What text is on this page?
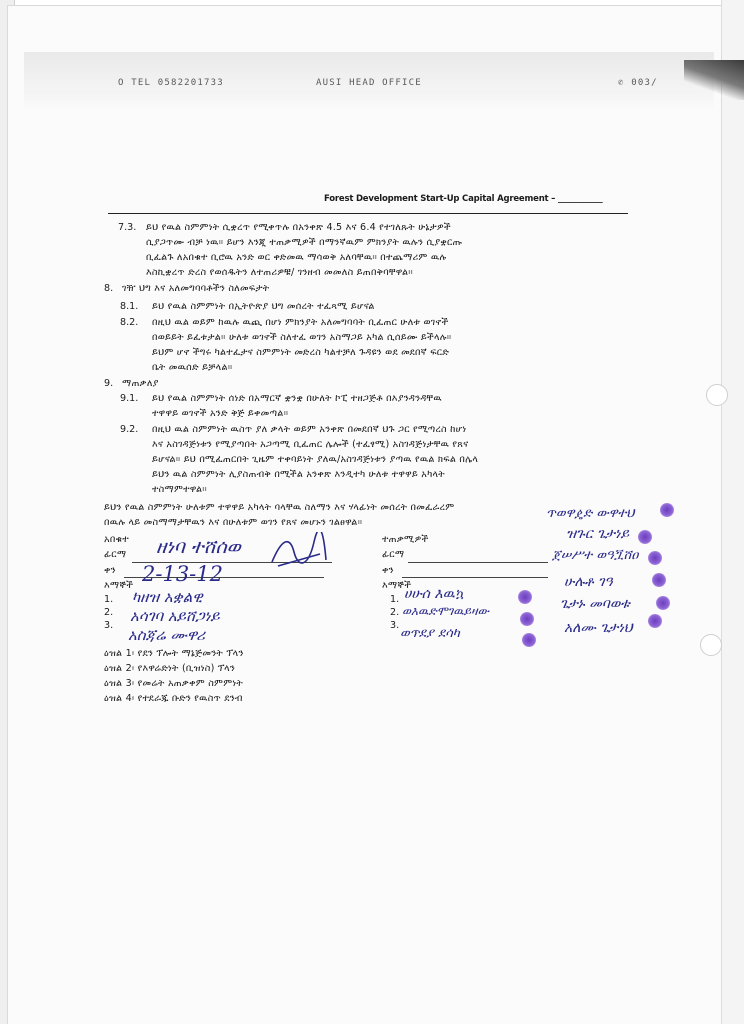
O TEL 0582201733	AUSI HEAD OFFICE	✆ 003/
Forest Development Start-Up Capital Agreement – ___________
7.3. ይህ የዉል ስምምነት ሲቋረጥ የሚቀጥሉ በአንቀጽ 4.5 እና 6.4 የተገለጹት ሁኔታዎች
ሲያጋጥሙ ብቻ ነዉ። ይሆን እንጂ ተጠቃሚዎች በማንኛዉም ምክንያት ዉሉን ሲያቋርጡ
ቢፈልጉ ለአበቁተ ቢሮዉ አንድ ወር ቀድመዉ ማሳወቅ አለባቸዉ። በተጨማሪም ዉሉ
እስኪቋረጥ ድረስ የወሰዱትን ለተጠሪዎቹ/ ገንዘብ መመለስ ይጠበቅባቸዋል።
8. ገዥ ህግ እና አለመግባባቶችን ስለመፍታት
8.1. ይህ የዉል ስምምነት በኢትዮጵያ ህግ መሰረት ተፈጻሚ ይሆናል
8.2. በዚህ ዉል ወይም ከዉሉ ዉጪ በሆነ ምክንያት አለመግባባት ቢፈጠር ሁለቱ ወገኖች
በወይይት ይፈቱታል። ሁለቱ ወገኖች ስለተፈ ወገን አስማጋይ አካል ሲሰይሙ ይችላሉ።
ይህም ሆኖ ችግሩ ካልተፈታና ስምምነት መድረስ ካልተቻለ ጉዳዩን ወደ መደበኛ ፍርድ
ቤት መዉሰድ ይቻላል።
9. ማጠቃለያ
9.1. ይህ የዉል ስምምነት ሰነድ በአማርኛ ቋንቋ በሁለት ኮፒ ተዘጋጅቶ በእያንዳንዳቸዉ
ተዋዋይ ወገኖች አንድ ቅጅ ይቀመጣል።
9.2. በዚህ ዉል ስምምነት ዉስጥ ያለ ቃላት ወይም አንቀጽ በመደበኛ ህጉ ጋር የሚጣረስ ከሆነ
እና አስገዳጅነቱን የሚያጣበት አጋጣሚ ቢፈጠር ሌሎች (ተፈፃሚ) አስገዳጅነታቸዉ የጸና
ይሆናል። ይህ በሚፈጠርበት ጊዜም ተቀባይነት ያለዉ/አስገዳጅነቱን ያጣዉ የዉል ክፍል በሌላ
ይህን ዉል ስምምነት ሊያስጠብቅ በሚችል አንቀጽ እንዲተካ ሁለቱ ተዋዋይ አካላት
ተስማምተዋል።
ይህን የዉል ስምምነት ሁለቱም ተዋዋይ አካላት ባላቸዉ ስለማን እና ሃላፊነት መሰረት በመፈራረም
በዉሉ ላይ መስማማታቸዉን እና በሁለቱም ወገን የጸና መሆኑን ገልፀዋል።
አበቁተ
ፊርማ
ቀን
እማኞች
1.
2.
3.
ዘነባ ተሸሰወ
2-13-12
ካዘዝ አቋልዊ
አሳገባ አይሸጋነይ
አስጃሬ ሙዋሪ
ዕዝል 1፡ የደን ፕሎት ማኔጅመንት ፕላን
ዕዝል 2፡ የእዋሬድነት (ቢዝነስ) ፕላን
ዕዝል 3፡ የመሬት አጠቃቀም ስምምነት
ዕዝል 4፡ የተደራጁ ቡድን የዉስጥ ደንብ
ተጠቃሚዎች
ፊርማ
ቀን
እማኞች
1.
2.
3.
ሀሁሰ እዉኳ
ወእዉድሞገዉይዛው
ወጥደያ ደሳካ
ጥወዋዼድ ውዋተህ
ዝጉር ጌታነይ
ጀሠሥተ ወዓጟሸዐ
ሁሉቶ ገዓ
ጌታኑ መባወቱ
አለሙ ጌታነህ
